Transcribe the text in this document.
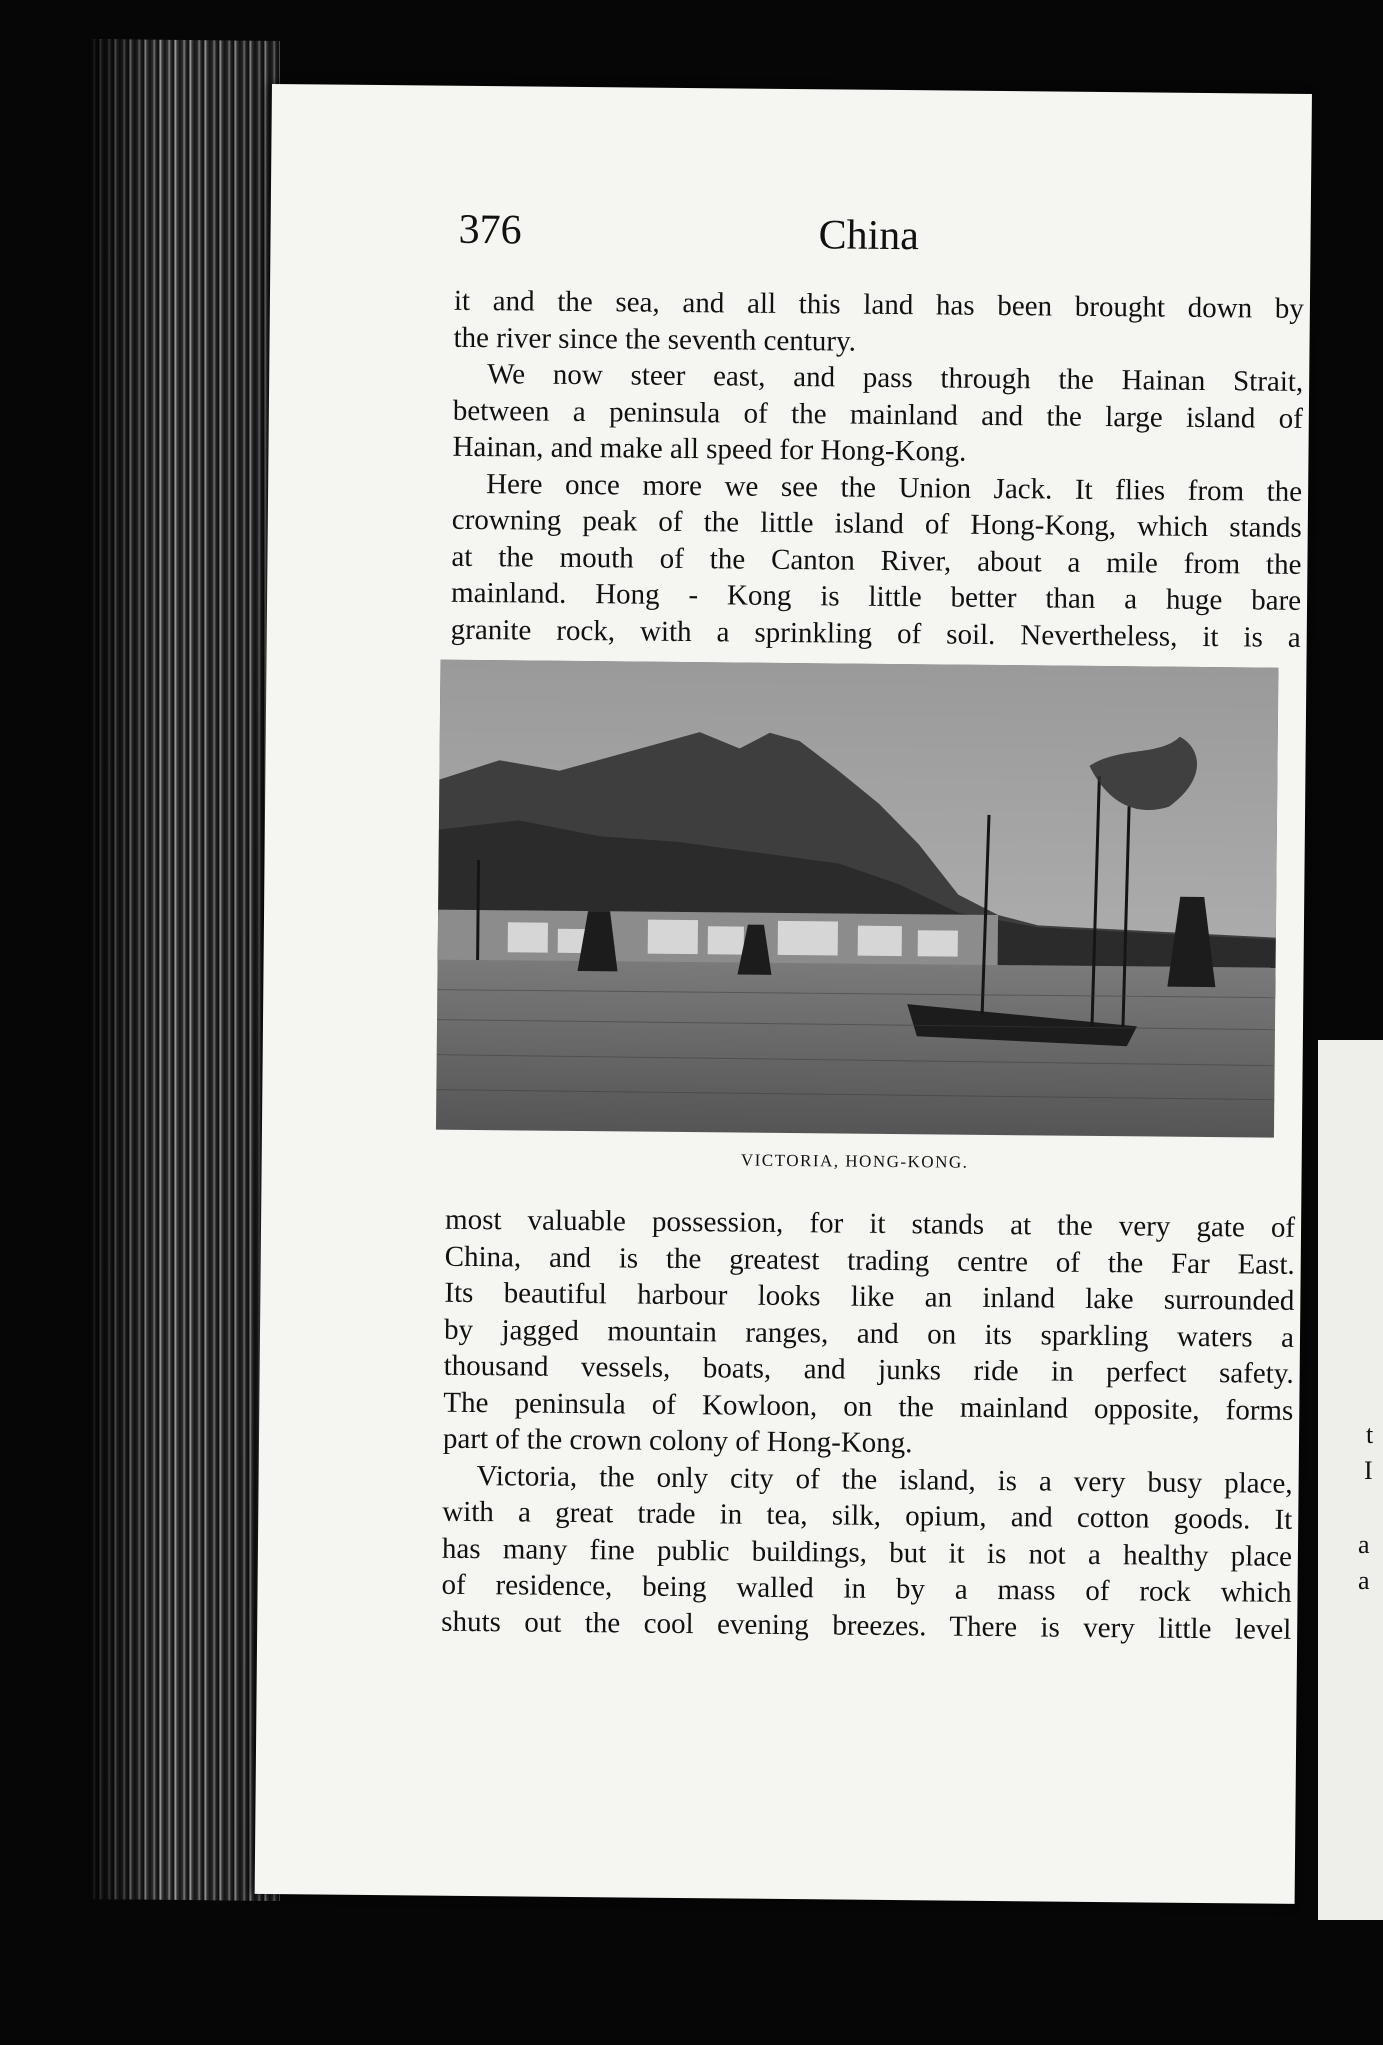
t
I
a
a
376	China
it and the sea, and all this land has been brought down by
the river since the seventh century.
We now steer east, and pass through the Hainan Strait,
between a peninsula of the mainland and the large island of
Hainan, and make all speed for Hong-Kong.
Here once more we see the Union Jack. It flies from the
crowning peak of the little island of Hong-Kong, which stands
at the mouth of the Canton River, about a mile from the
mainland. Hong - Kong is little better than a huge bare
granite rock, with a sprinkling of soil. Nevertheless, it is a
VICTORIA, HONG-KONG.
most valuable possession, for it stands at the very gate of
China, and is the greatest trading centre of the Far East.
Its beautiful harbour looks like an inland lake surrounded
by jagged mountain ranges, and on its sparkling waters a
thousand vessels, boats, and junks ride in perfect safety.
The peninsula of Kowloon, on the mainland opposite, forms
part of the crown colony of Hong-Kong.
Victoria, the only city of the island, is a very busy place,
with a great trade in tea, silk, opium, and cotton goods. It
has many fine public buildings, but it is not a healthy place
of residence, being walled in by a mass of rock which
shuts out the cool evening breezes. There is very little level
